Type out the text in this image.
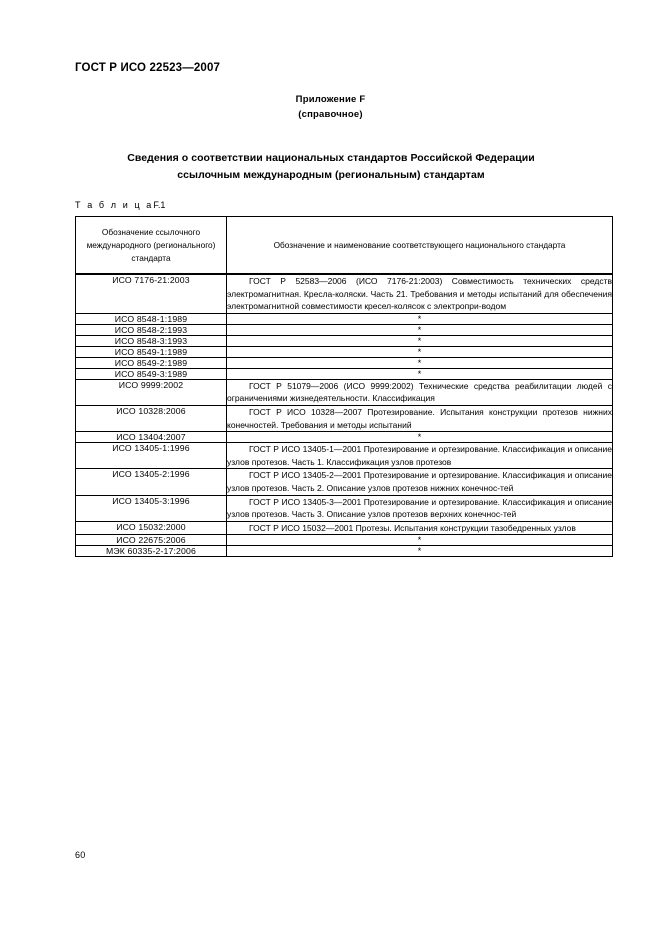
ГОСТ Р ИСО 22523—2007
Приложение F
(справочное)
Сведения о соответствии национальных стандартов Российской Федерации
ссылочным международным (региональным) стандартам
Т а б л и ц аF.1
Обозначение ссылочного
международного (регионального)
стандарта	Обозначение и наименование соответствующего национального стандарта

ИСО 7176-21:2003	ГОСТ Р 52583—2006 (ИСО 7176-21:2003) Совместимость технических средств электромагнитная. Кресла-коляски. Часть 21. Требования и методы испытаний для обеспечения электромагнитной совместимости кресел-колясок с электропри-водом
ИСО 8548-1:1989	*
ИСО 8548-2:1993	*
ИСО 8548-3:1993	*
ИСО 8549-1:1989	*
ИСО 8549-2:1989	*
ИСО 8549-3:1989	*
ИСО 9999:2002	ГОСТ Р 51079—2006 (ИСО 9999:2002) Технические средства реабилитации людей с ограничениями жизнедеятельности. Классификация
ИСО 10328:2006	ГОСТ Р ИСО 10328—2007 Протезирование. Испытания конструкции протезов нижних конечностей. Требования и методы испытаний
ИСО 13404:2007	*
ИСО 13405-1:1996	ГОСТ Р ИСО 13405-1—2001 Протезирование и ортезирование. Классификация и описание узлов протезов. Часть 1. Классификация узлов протезов
ИСО 13405-2:1996	ГОСТ Р ИСО 13405-2—2001 Протезирование и ортезирование. Классификация и описание узлов протезов. Часть 2. Описание узлов протезов нижних конечнос-тей
ИСО 13405-3:1996	ГОСТ Р ИСО 13405-3—2001 Протезирование и ортезирование. Классификация и описание узлов протезов. Часть 3. Описание узлов протезов верхних конечнос-тей
ИСО 15032:2000	ГОСТ Р ИСО 15032—2001 Протезы. Испытания конструкции тазобедренных узлов
ИСО 22675:2006	*
МЭК 60335-2-17:2006	*
60
